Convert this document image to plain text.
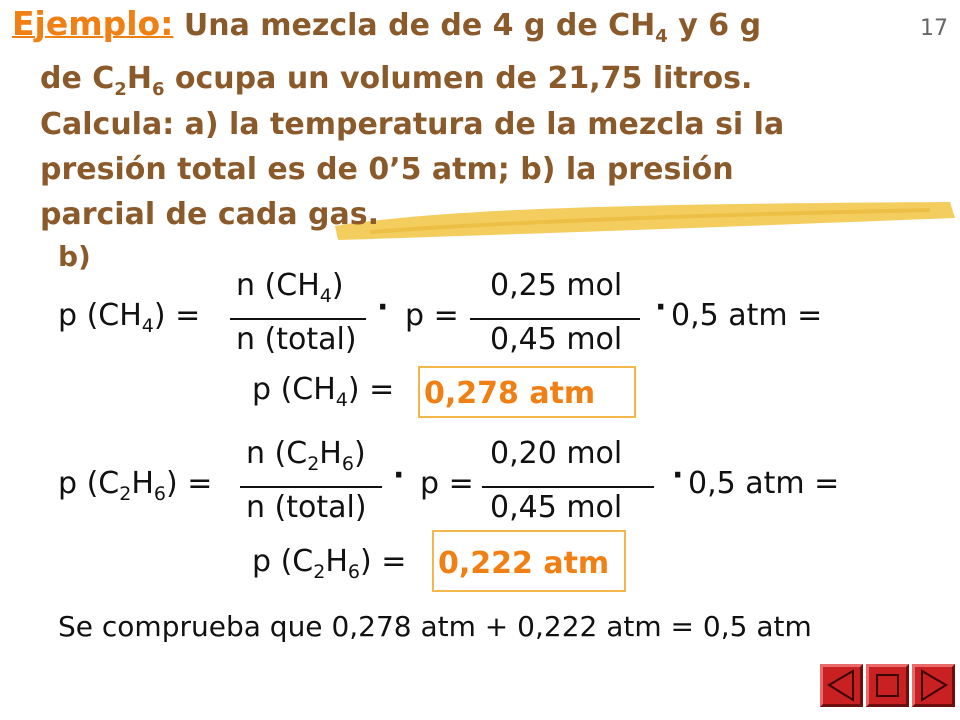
Ejemplo: Una mezcla de de 4 g de $CH_4$ y 6 g	17
de $C_2H_6$ ocupa un volumen de 21,75 litros.
Calcula: a) la temperatura de la mezcla si la
presión total es de 0’5 atm; b) la presión
parcial de cada gas.
b)
p $(CH_4)$ =
n $(CH_4)$
n (total)
· p =
0,25 mol
0,45 mol
· 0,5 atm =
p $(CH_4) = 0,278$ atm
p $(C_2H_6)$ =
n $(C_2H_6)$
n (total)
· p =
0,20 mol
0,45 mol
· 0,5 atm =
p $(C_2H_6) = 0,222$ atm
Se comprueba que 0,278 atm + 0,222 atm = 0,5 atm
